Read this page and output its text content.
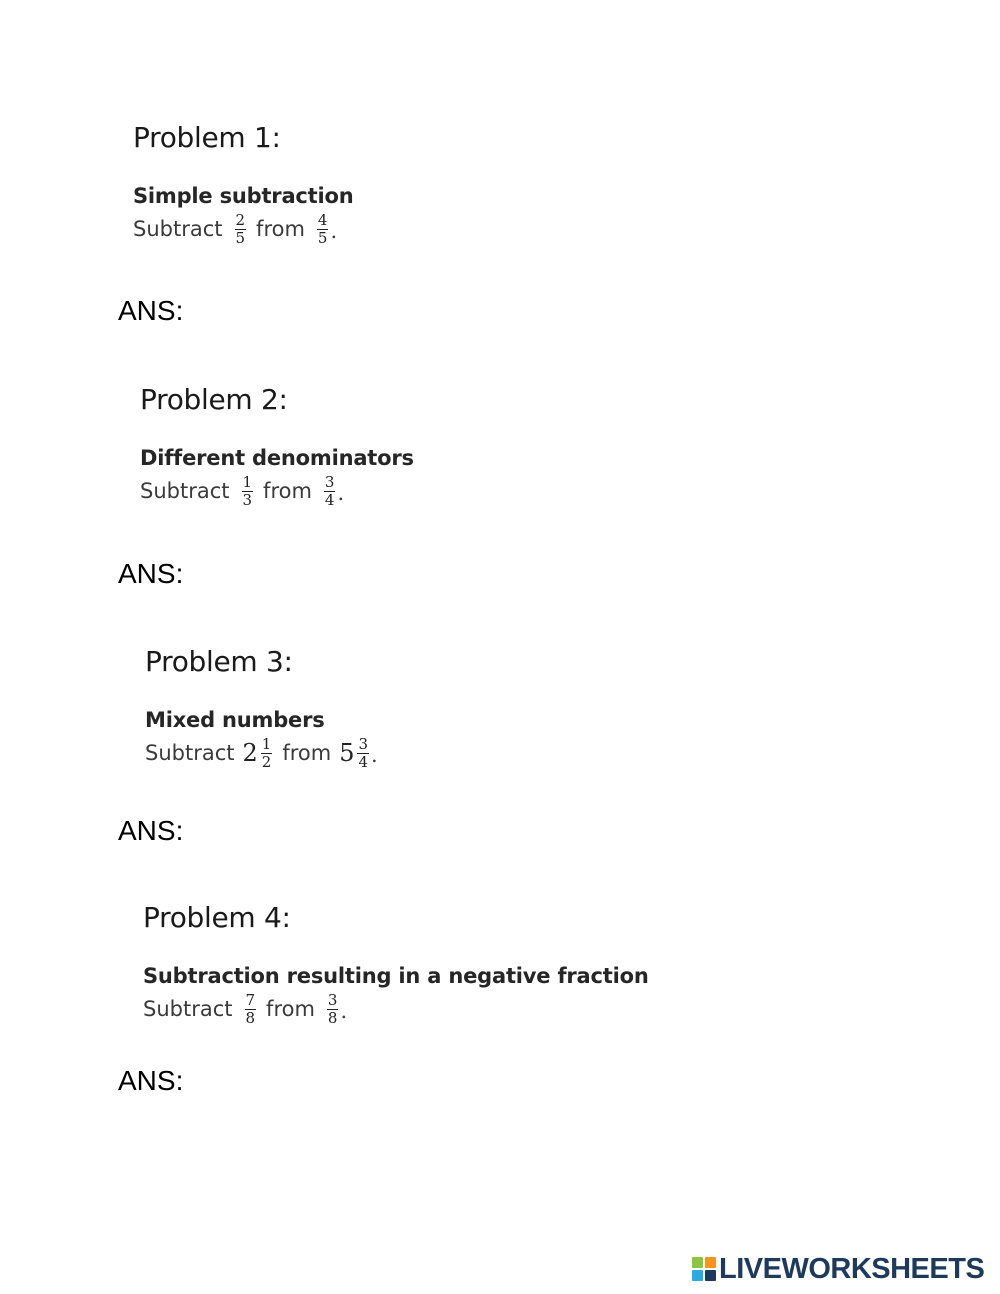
Problem 1:
Simple subtraction
Subtract $\frac{2}{5}$ from $\frac{4}{5}$ .

ANS:

Problem 2:
Different denominators
Subtract $\frac{1}{3}$ from $\frac{3}{4}$ .

ANS:

Problem 3:
Mixed numbers
Subtract $2 \frac{1}{2}$ from $5 \frac{3}{4}$ .

ANS:

Problem 4:
Subtraction resulting in a negative fraction
Subtract $\frac{7}{8}$ from $\frac{3}{8}$ .

ANS:

LIVEWORKSHEETS
